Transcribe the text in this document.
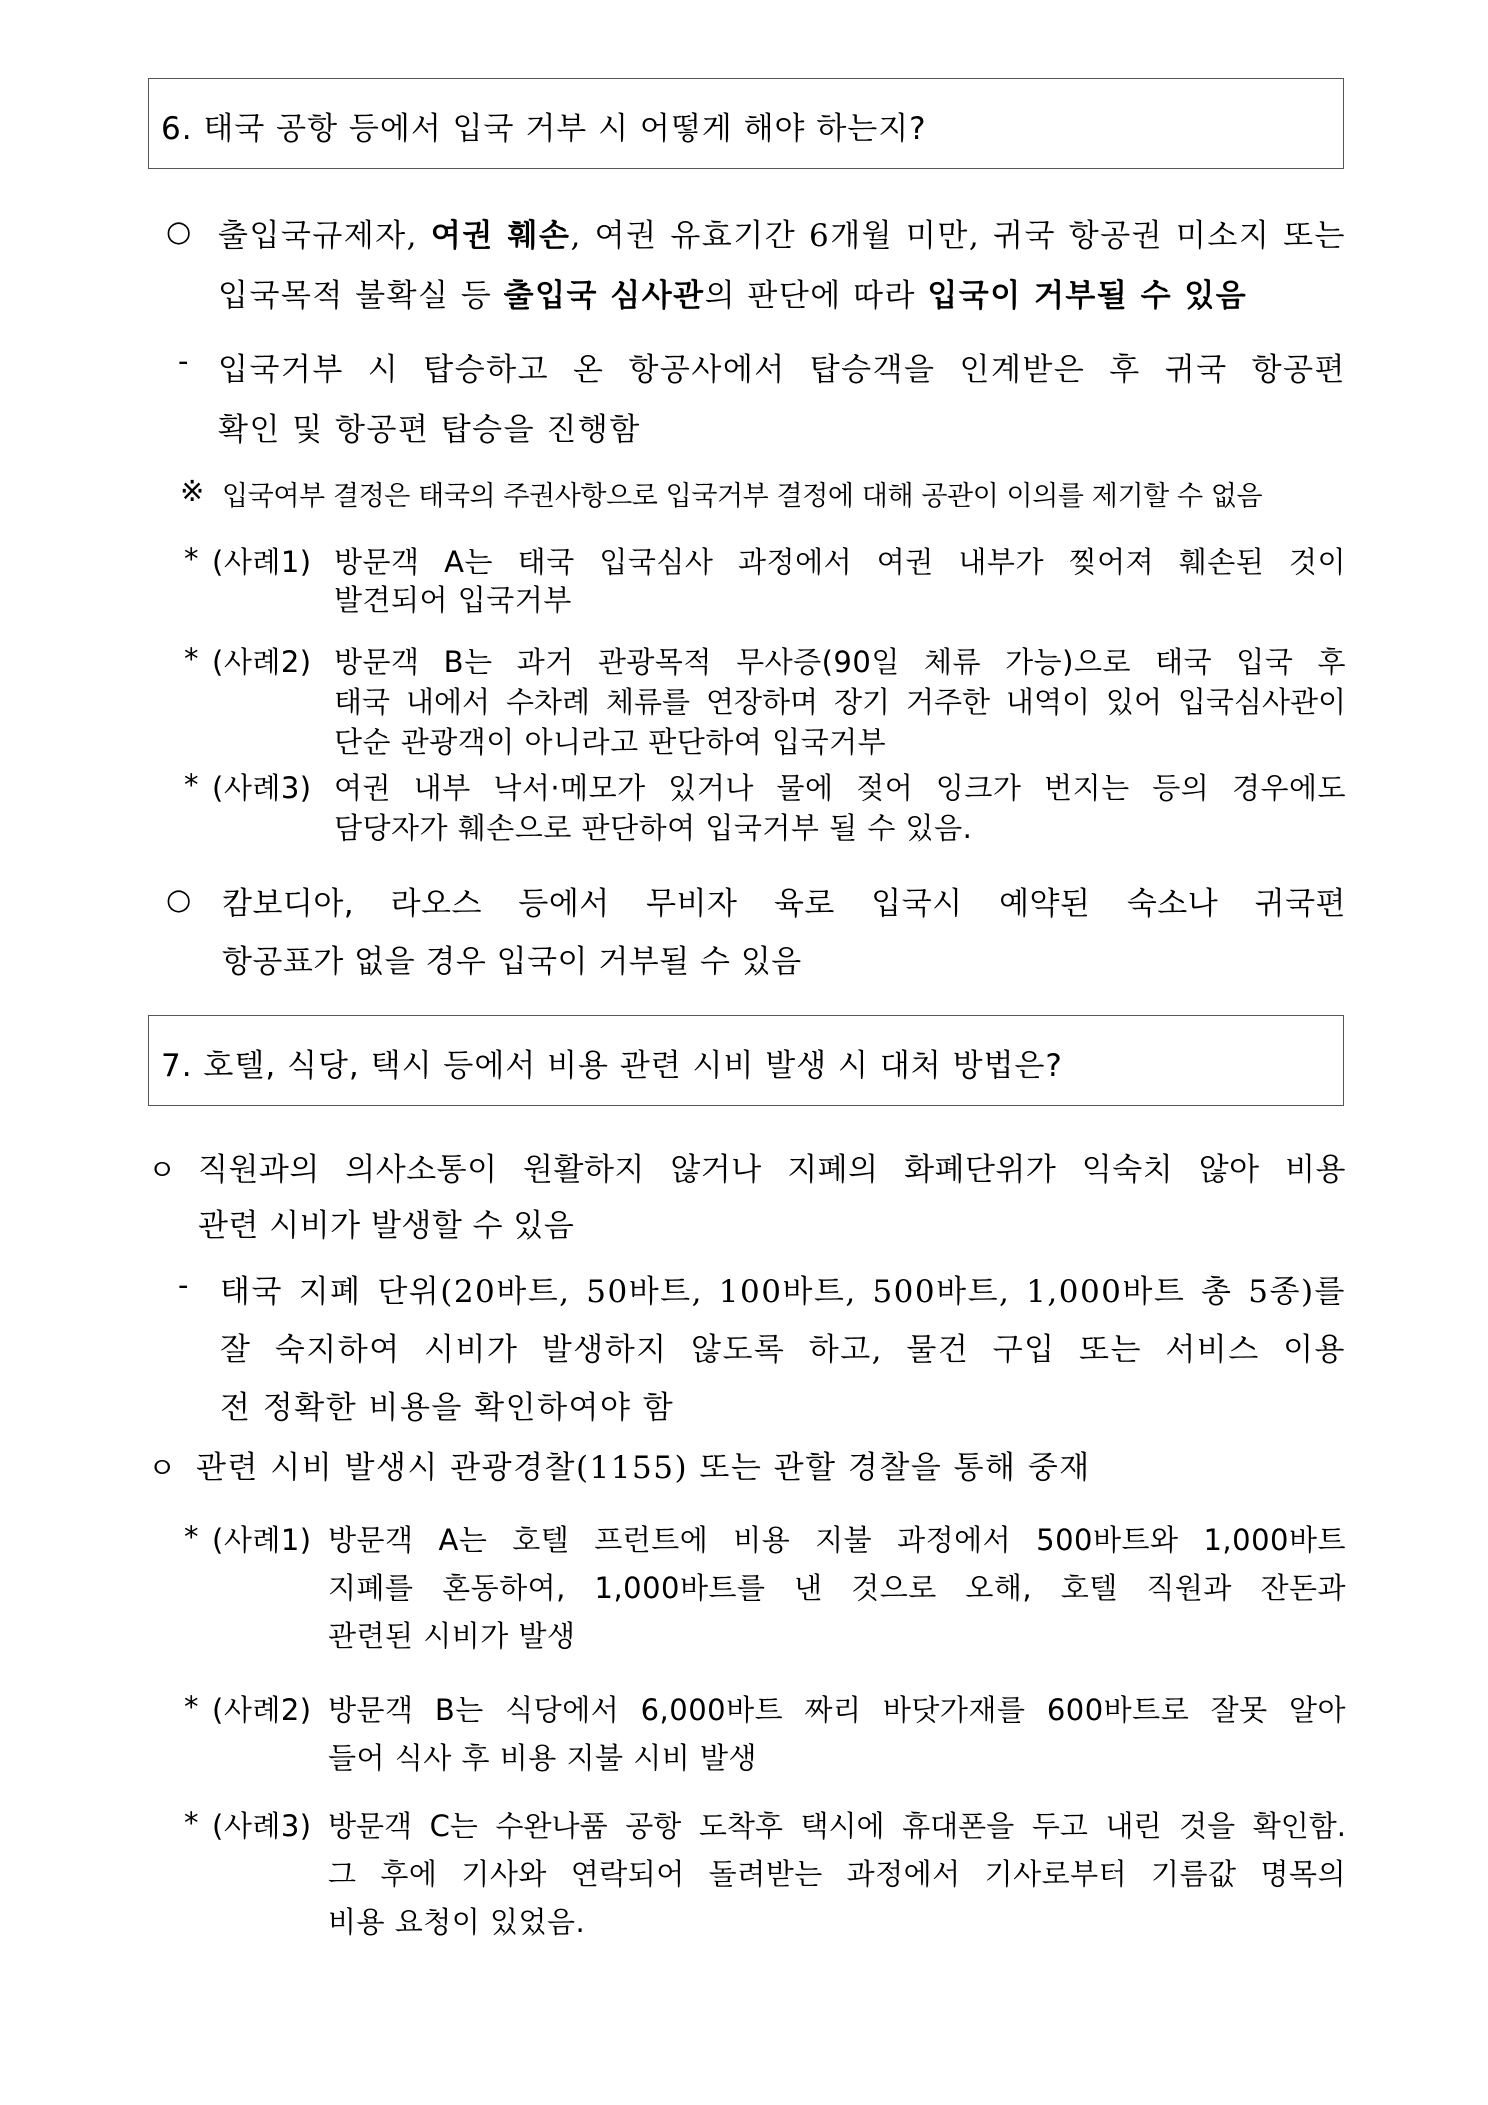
6. 태국 공항 등에서 입국 거부 시 어떻게 해야 하는지?
○ 출입국규제자, 여권 훼손, 여권 유효기간 6개월 미만, 귀국 항공권 미소지 또는
입국목적 불확실 등 출입국 심사관의 판단에 따라 입국이 거부될 수 있음
- 입국거부 시 탑승하고 온 항공사에서 탑승객을 인계받은 후 귀국 항공편
확인 및 항공편 탑승을 진행함
※ 입국여부 결정은 태국의 주권사항으로 입국거부 결정에 대해 공관이 이의를 제기할 수 없음
* (사례1) 방문객 A는 태국 입국심사 과정에서 여권 내부가 찢어져 훼손된 것이
발견되어 입국거부
* (사례2) 방문객 B는 과거 관광목적 무사증(90일 체류 가능)으로 태국 입국 후
태국 내에서 수차례 체류를 연장하며 장기 거주한 내역이 있어 입국심사관이
단순 관광객이 아니라고 판단하여 입국거부
* (사례3) 여권 내부 낙서·메모가 있거나 물에 젖어 잉크가 번지는 등의 경우에도
담당자가 훼손으로 판단하여 입국거부 될 수 있음.
○ 캄보디아, 라오스 등에서 무비자 육로 입국시 예약된 숙소나 귀국편
항공표가 없을 경우 입국이 거부될 수 있음
7. 호텔, 식당, 택시 등에서 비용 관련 시비 발생 시 대처 방법은?
ㅇ 직원과의 의사소통이 원활하지 않거나 지폐의 화폐단위가 익숙치 않아 비용
관련 시비가 발생할 수 있음
- 태국 지폐 단위(20바트, 50바트, 100바트, 500바트, 1,000바트 총 5종)를
잘 숙지하여 시비가 발생하지 않도록 하고, 물건 구입 또는 서비스 이용
전 정확한 비용을 확인하여야 함
ㅇ 관련 시비 발생시 관광경찰(1155) 또는 관할 경찰을 통해 중재
* (사례1) 방문객 A는 호텔 프런트에 비용 지불 과정에서 500바트와 1,000바트
지폐를 혼동하여, 1,000바트를 낸 것으로 오해, 호텔 직원과 잔돈과
관련된 시비가 발생
* (사례2) 방문객 B는 식당에서 6,000바트 짜리 바닷가재를 600바트로 잘못 알아
들어 식사 후 비용 지불 시비 발생
* (사례3) 방문객 C는 수완나품 공항 도착후 택시에 휴대폰을 두고 내린 것을 확인함.
그 후에 기사와 연락되어 돌려받는 과정에서 기사로부터 기름값 명목의
비용 요청이 있었음.
